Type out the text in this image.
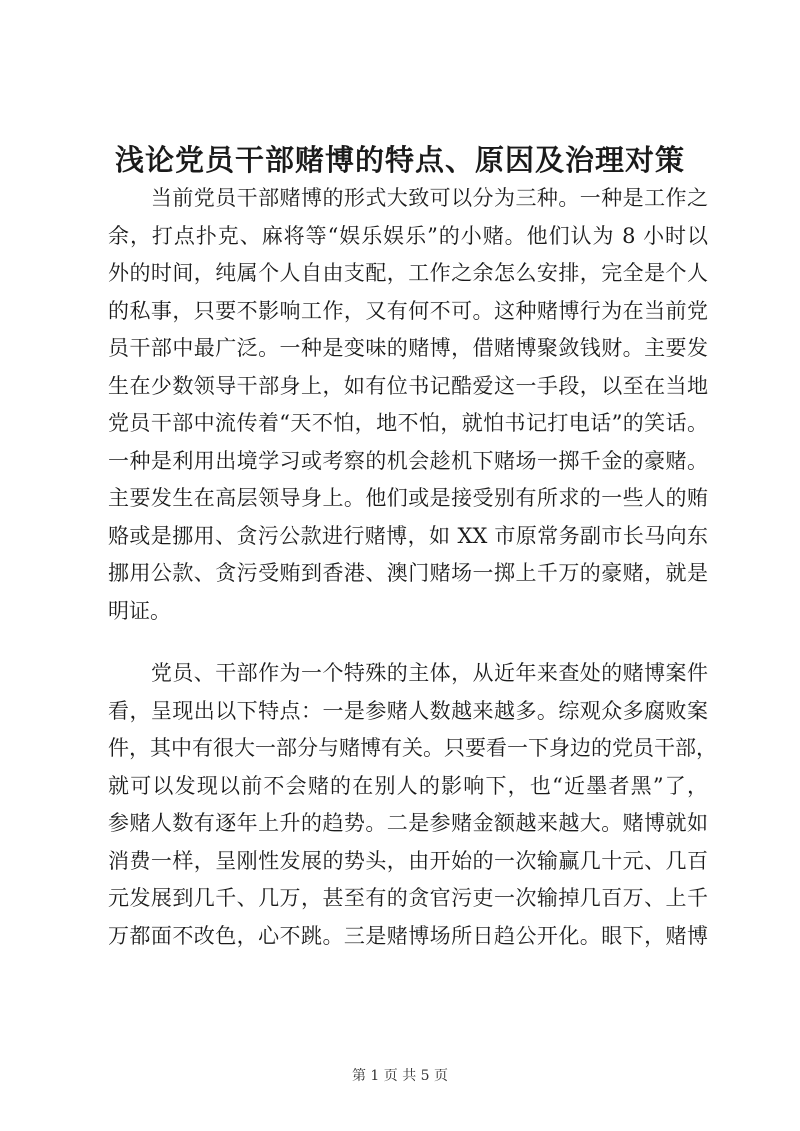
浅论党员干部赌博的特点、原因及治理对策
　　当前党员干部赌博的形式大致可以分为三种。一种是工作之
余，打点扑克、麻将等“娱乐娱乐”的小赌。他们认为 8 小时以
外的时间，纯属个人自由支配，工作之余怎么安排，完全是个人
的私事，只要不影响工作，又有何不可。这种赌博行为在当前党
员干部中最广泛。一种是变味的赌博，借赌博聚敛钱财。主要发
生在少数领导干部身上，如有位书记酷爱这一手段，以至在当地
党员干部中流传着“天不怕，地不怕，就怕书记打电话”的笑话。
一种是利用出境学习或考察的机会趁机下赌场一掷千金的豪赌。
主要发生在高层领导身上。他们或是接受别有所求的一些人的贿
赂或是挪用、贪污公款进行赌博，如 XX 市原常务副市长马向东
挪用公款、贪污受贿到香港、澳门赌场一掷上千万的豪赌，就是
明证。
　　党员、干部作为一个特殊的主体，从近年来查处的赌博案件
看，呈现出以下特点：一是参赌人数越来越多。综观众多腐败案
件，其中有很大一部分与赌博有关。只要看一下身边的党员干部，
就可以发现以前不会赌的在别人的影响下，也“近墨者黑”了，
参赌人数有逐年上升的趋势。二是参赌金额越来越大。赌博就如
消费一样，呈刚性发展的势头，由开始的一次输赢几十元、几百
元发展到几千、几万，甚至有的贪官污吏一次输掉几百万、上千
万都面不改色，心不跳。三是赌博场所日趋公开化。眼下，赌博
第 1 页 共 5 页
